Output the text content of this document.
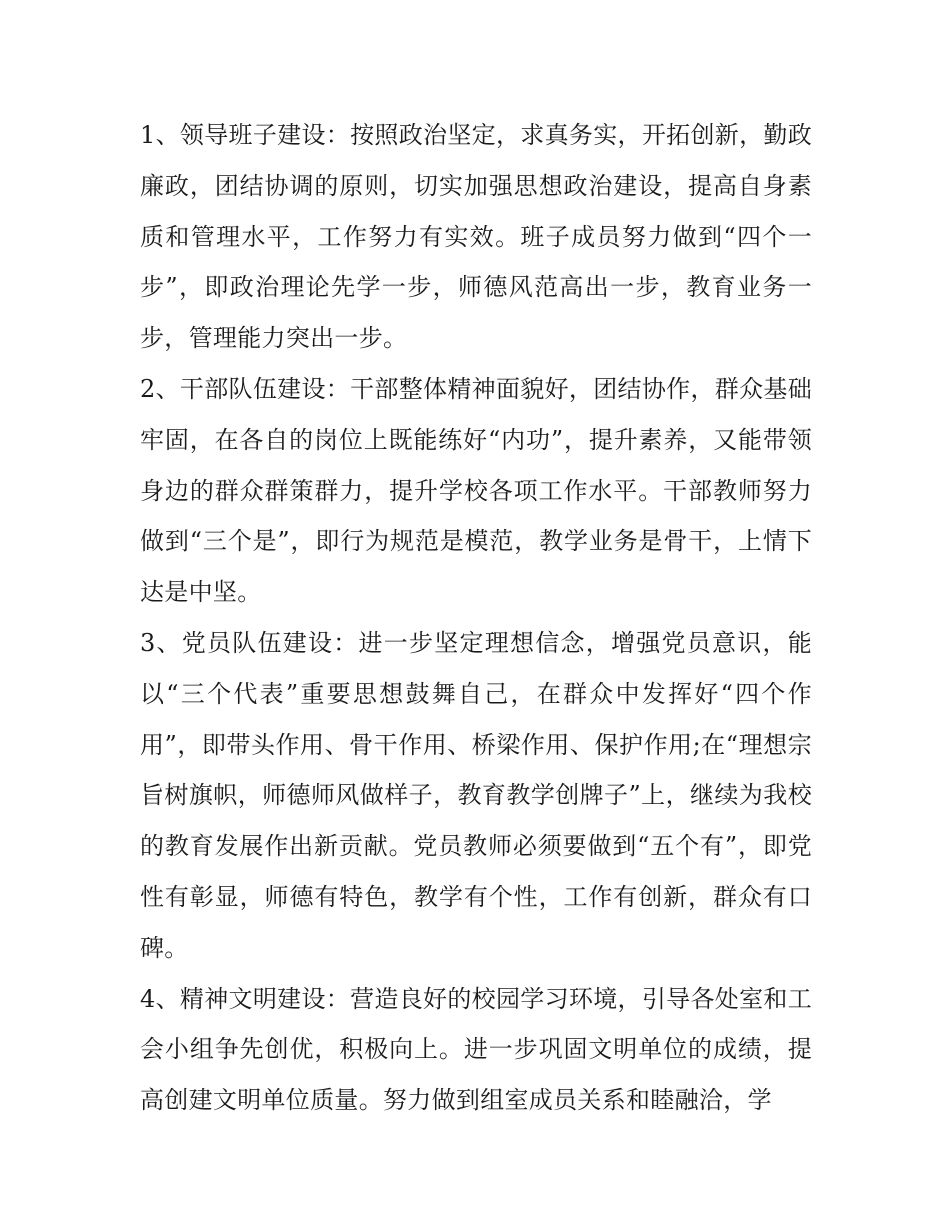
1、领导班子建设：按照政治坚定，求真务实，开拓创新，勤政廉政，团结协调的原则，切实加强思想政治建设，提高自身素质和管理水平，工作努力有实效。班子成员努力做到“四个一步”，即政治理论先学一步，师德风范高出一步，教育业务一步，管理能力突出一步。

2、干部队伍建设：干部整体精神面貌好，团结协作，群众基础牢固，在各自的岗位上既能练好“内功”，提升素养，又能带领身边的群众群策群力，提升学校各项工作水平。干部教师努力做到“三个是”，即行为规范是模范，教学业务是骨干，上情下达是中坚。

3、党员队伍建设：进一步坚定理想信念，增强党员意识，能以“三个代表”重要思想鼓舞自己，在群众中发挥好“四个作用”，即带头作用、骨干作用、桥梁作用、保护作用;在“理想宗旨树旗帜，师德师风做样子，教育教学创牌子”上，继续为我校的教育发展作出新贡献。党员教师必须要做到“五个有”，即党性有彰显，师德有特色，教学有个性，工作有创新，群众有口碑。

4、精神文明建设：营造良好的校园学习环境，引导各处室和工会小组争先创优，积极向上。进一步巩固文明单位的成绩，提高创建文明单位质量。努力做到组室成员关系和睦融洽，学
